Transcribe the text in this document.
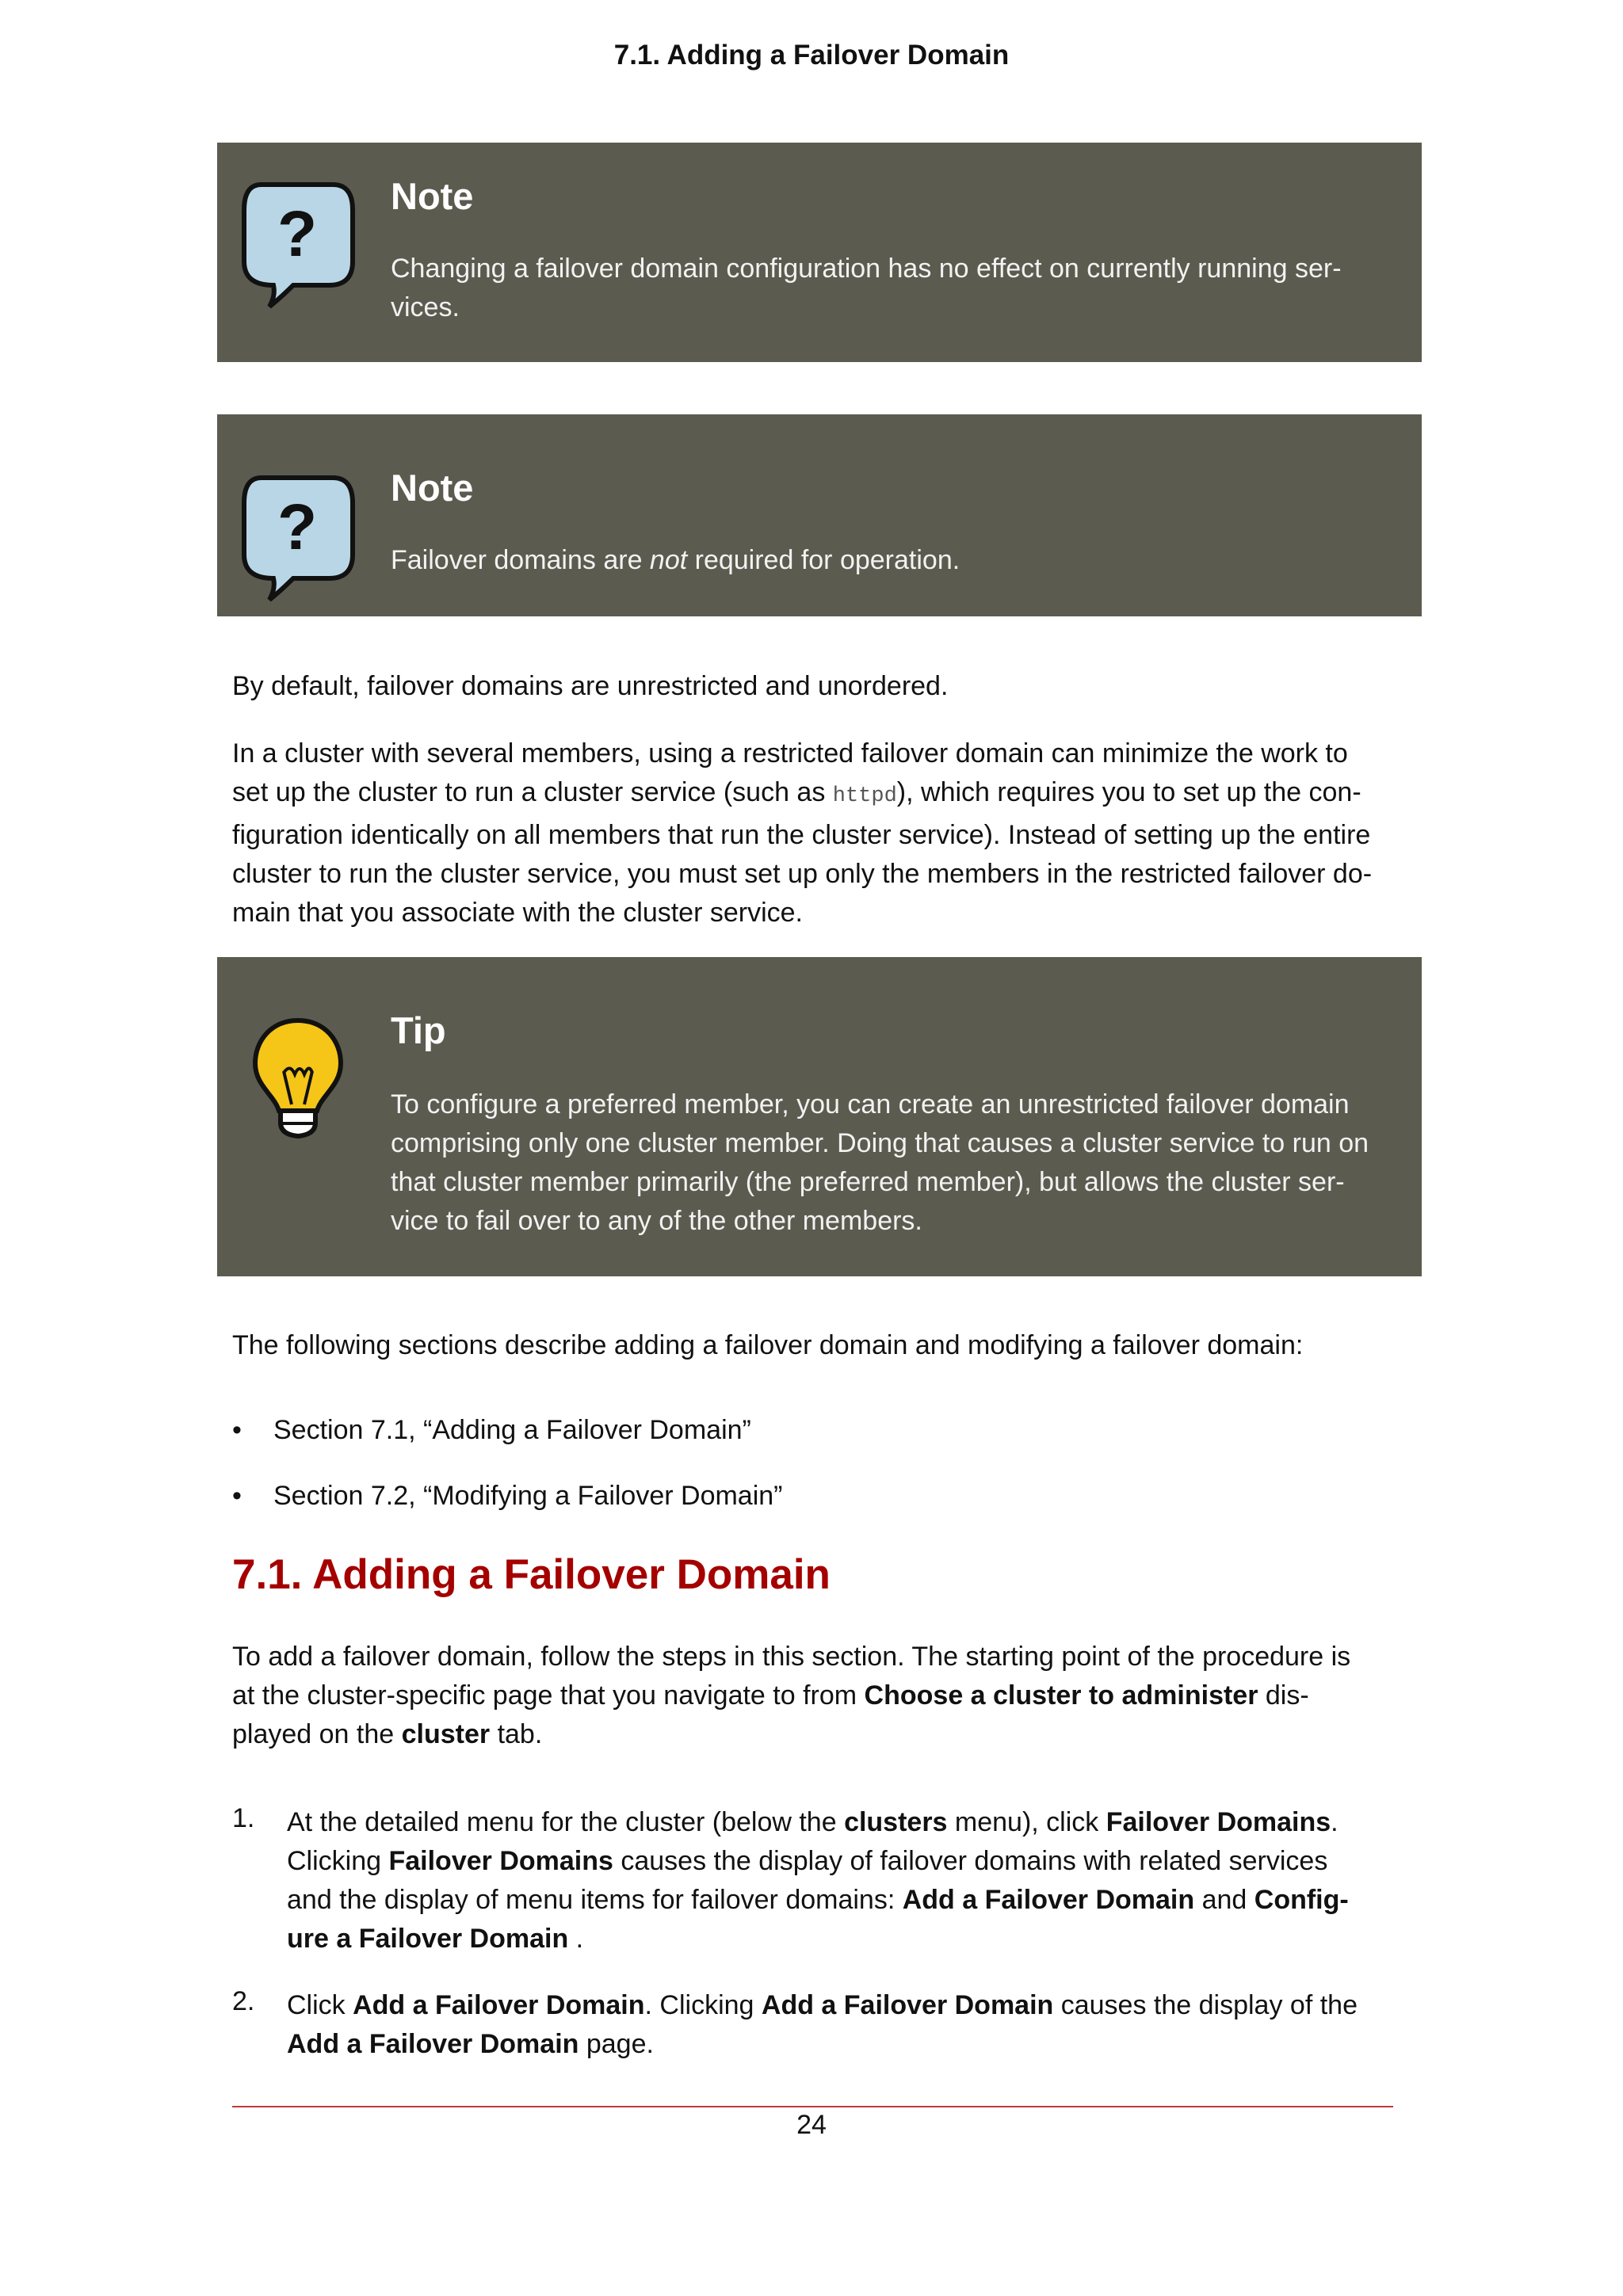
7.1. Adding a Failover Domain
?
Note
Changing a failover domain configuration has no effect on currently running ser-
vices.
?
Note
Failover domains are not required for operation.
By default, failover domains are unrestricted and unordered.
In a cluster with several members, using a restricted failover domain can minimize the work to
set up the cluster to run a cluster service (such as httpd), which requires you to set up the con-
figuration identically on all members that run the cluster service). Instead of setting up the entire
cluster to run the cluster service, you must set up only the members in the restricted failover do-
main that you associate with the cluster service.
Tip
To configure a preferred member, you can create an unrestricted failover domain
comprising only one cluster member. Doing that causes a cluster service to run on
that cluster member primarily (the preferred member), but allows the cluster ser-
vice to fail over to any of the other members.
The following sections describe adding a failover domain and modifying a failover domain:
• Section 7.1, “Adding a Failover Domain”
• Section 7.2, “Modifying a Failover Domain”
7.1. Adding a Failover Domain
To add a failover domain, follow the steps in this section. The starting point of the procedure is
at the cluster-specific page that you navigate to from Choose a cluster to administer dis-
played on the cluster tab.
1. At the detailed menu for the cluster (below the clusters menu), click Failover Domains.
Clicking Failover Domains causes the display of failover domains with related services
and the display of menu items for failover domains: Add a Failover Domain and Config-
ure a Failover Domain .
2. Click Add a Failover Domain. Clicking Add a Failover Domain causes the display of the
Add a Failover Domain page.
24
